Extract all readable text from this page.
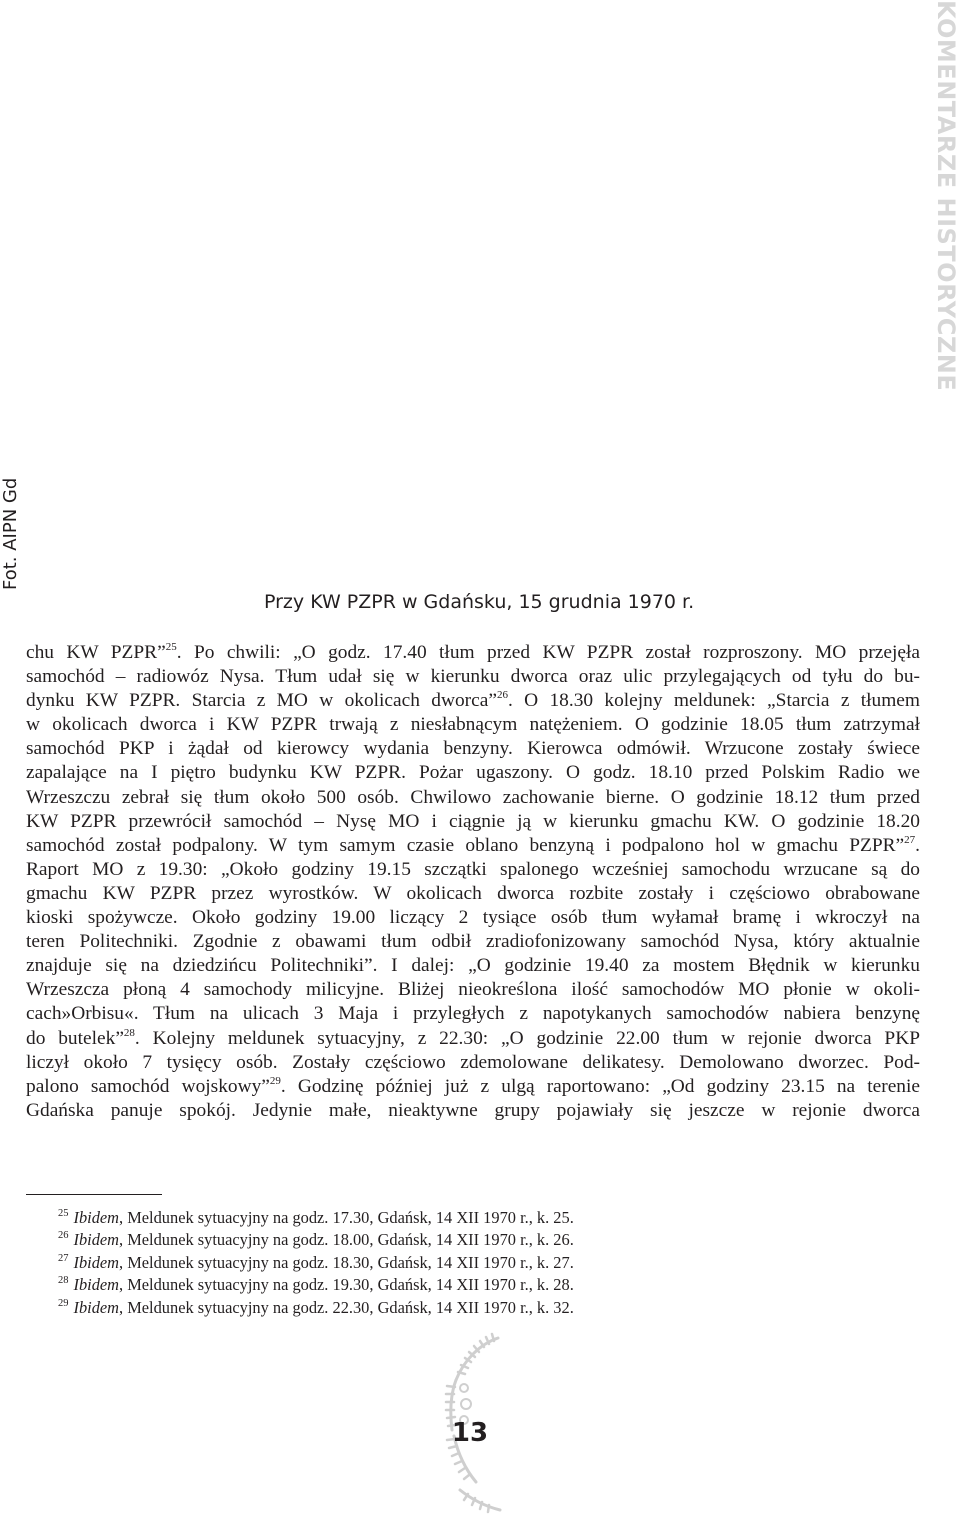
KOMENTARZE HISTORYCZNE
Fot. AIPN Gd
Przy KW PZPR w Gdańsku, 15 grudnia 1970 r.
chu KW PZPR”$^{25}$. Po chwili: „O godz. 17.40 tłum przed KW PZPR został rozproszony. MO przejęła
samochód – radiowóz Nysa. Tłum udał się w kierunku dworca oraz ulic przylegających od tyłu do bu-
dynku KW PZPR. Starcia z MO w okolicach dworca”$^{26}$. O 18.30 kolejny meldunek: „Starcia z tłumem
w okolicach dworca i KW PZPR trwają z niesłabnącym natężeniem. O godzinie 18.05 tłum zatrzymał
samochód PKP i żądał od kierowcy wydania benzyny. Kierowca odmówił. Wrzucone zostały świece
zapalające na I piętro budynku KW PZPR. Pożar ugaszony. O godz. 18.10 przed Polskim Radio we
Wrzeszczu zebrał się tłum około 500 osób. Chwilowo zachowanie bierne. O godzinie 18.12 tłum przed
KW PZPR przewrócił samochód – Nysę MO i ciągnie ją w kierunku gmachu KW. O godzinie 18.20
samochód został podpalony. W tym samym czasie oblano benzyną i podpalono hol w gmachu PZPR”$^{27}$.
Raport MO z 19.30: „Około godziny 19.15 szczątki spalonego wcześniej samochodu wrzucane są do
gmachu KW PZPR przez wyrostków. W okolicach dworca rozbite zostały i częściowo obrabowane
kioski spożywcze. Około godziny 19.00 liczący 2 tysiące osób tłum wyłamał bramę i wkroczył na
teren Politechniki. Zgodnie z obawami tłum odbił zradiofonizowany samochód Nysa, który aktualnie
znajduje się na dziedzińcu Politechniki”. I dalej: „O godzinie 19.40 za mostem Błędnik w kierunku
Wrzeszcza płoną 4 samochody milicyjne. Bliżej nieokreślona ilość samochodów MO płonie w okoli-
cach»Orbisu«. Tłum na ulicach 3 Maja i przyległych z napotykanych samochodów nabiera benzynę
do butelek”$^{28}$. Kolejny meldunek sytuacyjny, z 22.30: „O godzinie 22.00 tłum w rejonie dworca PKP
liczył około 7 tysięcy osób. Zostały częściowo zdemolowane delikatesy. Demolowano dworzec. Pod-
palono samochód wojskowy”$^{29}$. Godzinę później już z ulgą raportowano: „Od godziny 23.15 na terenie
Gdańska panuje spokój. Jedynie małe, nieaktywne grupy pojawiały się jeszcze w rejonie dworca
$^{25}$ Ibidem, Meldunek sytuacyjny na godz. 17.30, Gdańsk, 14 XII 1970 r., k. 25.
$^{26}$ Ibidem, Meldunek sytuacyjny na godz. 18.00, Gdańsk, 14 XII 1970 r., k. 26.
$^{27}$ Ibidem, Meldunek sytuacyjny na godz. 18.30, Gdańsk, 14 XII 1970 r., k. 27.
$^{28}$ Ibidem, Meldunek sytuacyjny na godz. 19.30, Gdańsk, 14 XII 1970 r., k. 28.
$^{29}$ Ibidem, Meldunek sytuacyjny na godz. 22.30, Gdańsk, 14 XII 1970 r., k. 32.
13
